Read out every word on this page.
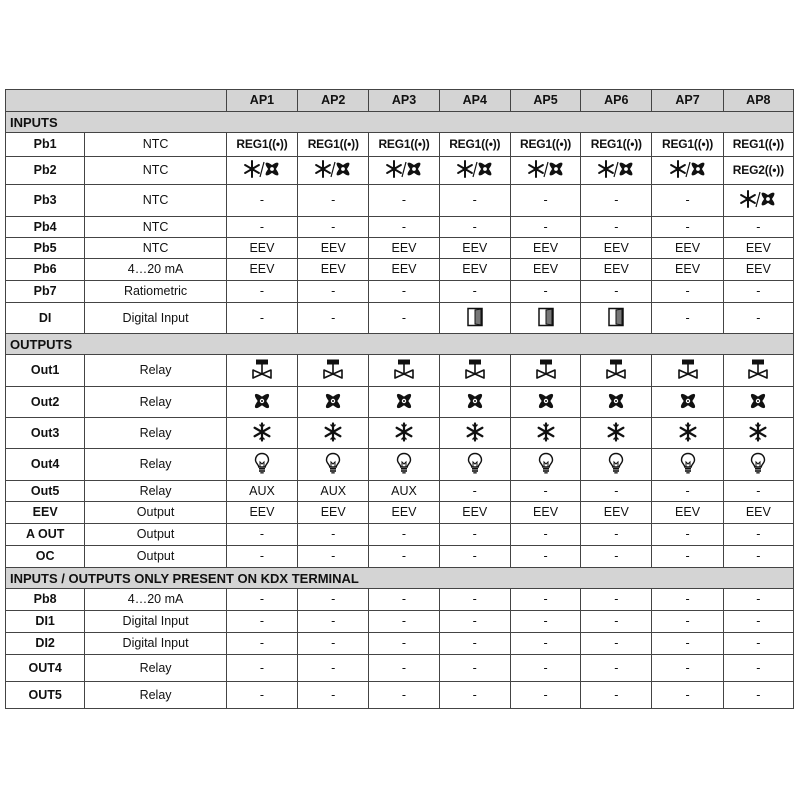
		AP1	AP2	AP3	AP4	AP5	AP6	AP7	AP8
INPUTS									
Pb1	NTC	REG1((•))	REG1((•))	REG1((•))	REG1((•))	REG1((•))	REG1((•))	REG1((•))	REG1((•))
Pb2	NTC								REG2((•))
Pb3	NTC	-	-	-	-	-	-	-	
Pb4	NTC	-	-	-	-	-	-	-	-
Pb5	NTC	EEV	EEV	EEV	EEV	EEV	EEV	EEV	EEV
Pb6	4…20 mA	EEV	EEV	EEV	EEV	EEV	EEV	EEV	EEV
Pb7	Ratiometric	-	-	-	-	-	-	-	-
DI	Digital Input	-	-	-				-	-
OUTPUTS									
Out1	Relay								
Out2	Relay								
Out3	Relay								
Out4	Relay								
Out5	Relay	AUX	AUX	AUX	-	-	-	-	-
EEV	Output	EEV	EEV	EEV	EEV	EEV	EEV	EEV	EEV
A OUT	Output	-	-	-	-	-	-	-	-
OC	Output	-	-	-	-	-	-	-	-
INPUTS / OUTPUTS ONLY PRESENT ON KDX TERMINAL									
Pb8	4…20 mA	-	-	-	-	-	-	-	-
DI1	Digital Input	-	-	-	-	-	-	-	-
DI2	Digital Input	-	-	-	-	-	-	-	-
OUT4	Relay	-	-	-	-	-	-	-	-
OUT5	Relay	-	-	-	-	-	-	-	-
